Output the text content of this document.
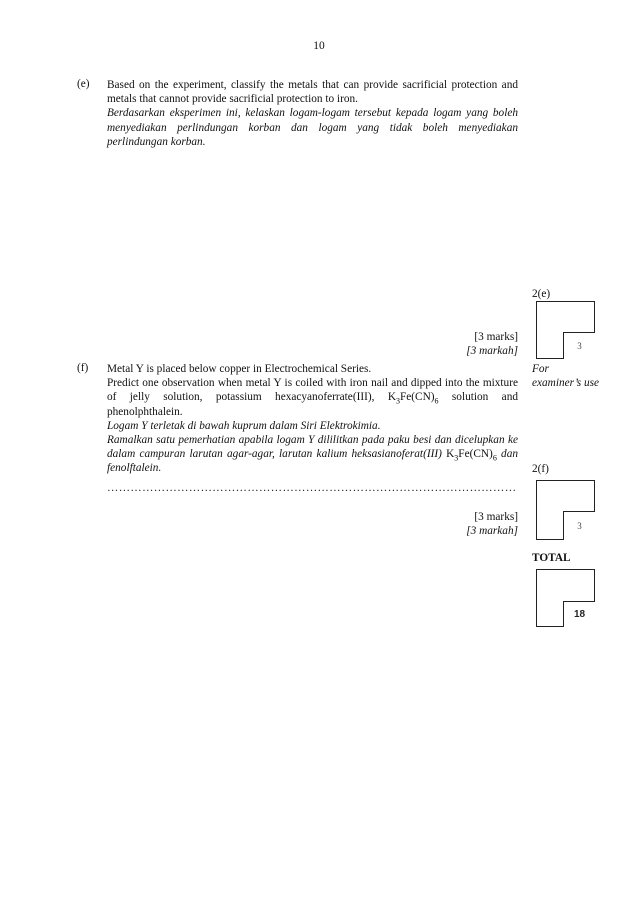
10
(e) Based on the experiment, classify the metals that can provide sacrificial protection and metals that cannot provide sacrificial protection to iron.

Berdasarkan eksperimen ini, kelaskan logam-logam tersebut kepada logam yang boleh menyediakan perlindungan korban dan logam yang tidak boleh menyediakan perlindungan korban.

[3 marks]
[3 markah]
2(e)
3
(f) Metal Y is placed below copper in Electrochemical Series.

Predict one observation when metal Y is coiled with iron nail and dipped into the mixture of jelly solution, potassium hexacyanoferrate(III), $K_3Fe(CN)_6$ solution and phenolphthalein.

Logam Y terletak di bawah kuprum dalam Siri Elektrokimia.

Ramalkan satu pemerhatian apabila logam Y dililitkan pada paku besi dan dicelupkan ke dalam campuran larutan agar-agar, larutan kalium heksasianoferat(III) $K_3Fe(CN)_6$ dan fenolftalein.

……………………………………………………………………………………………
[3 marks]
[3 markah]
For
examiner’s use
2(f)
3
TOTAL
18
